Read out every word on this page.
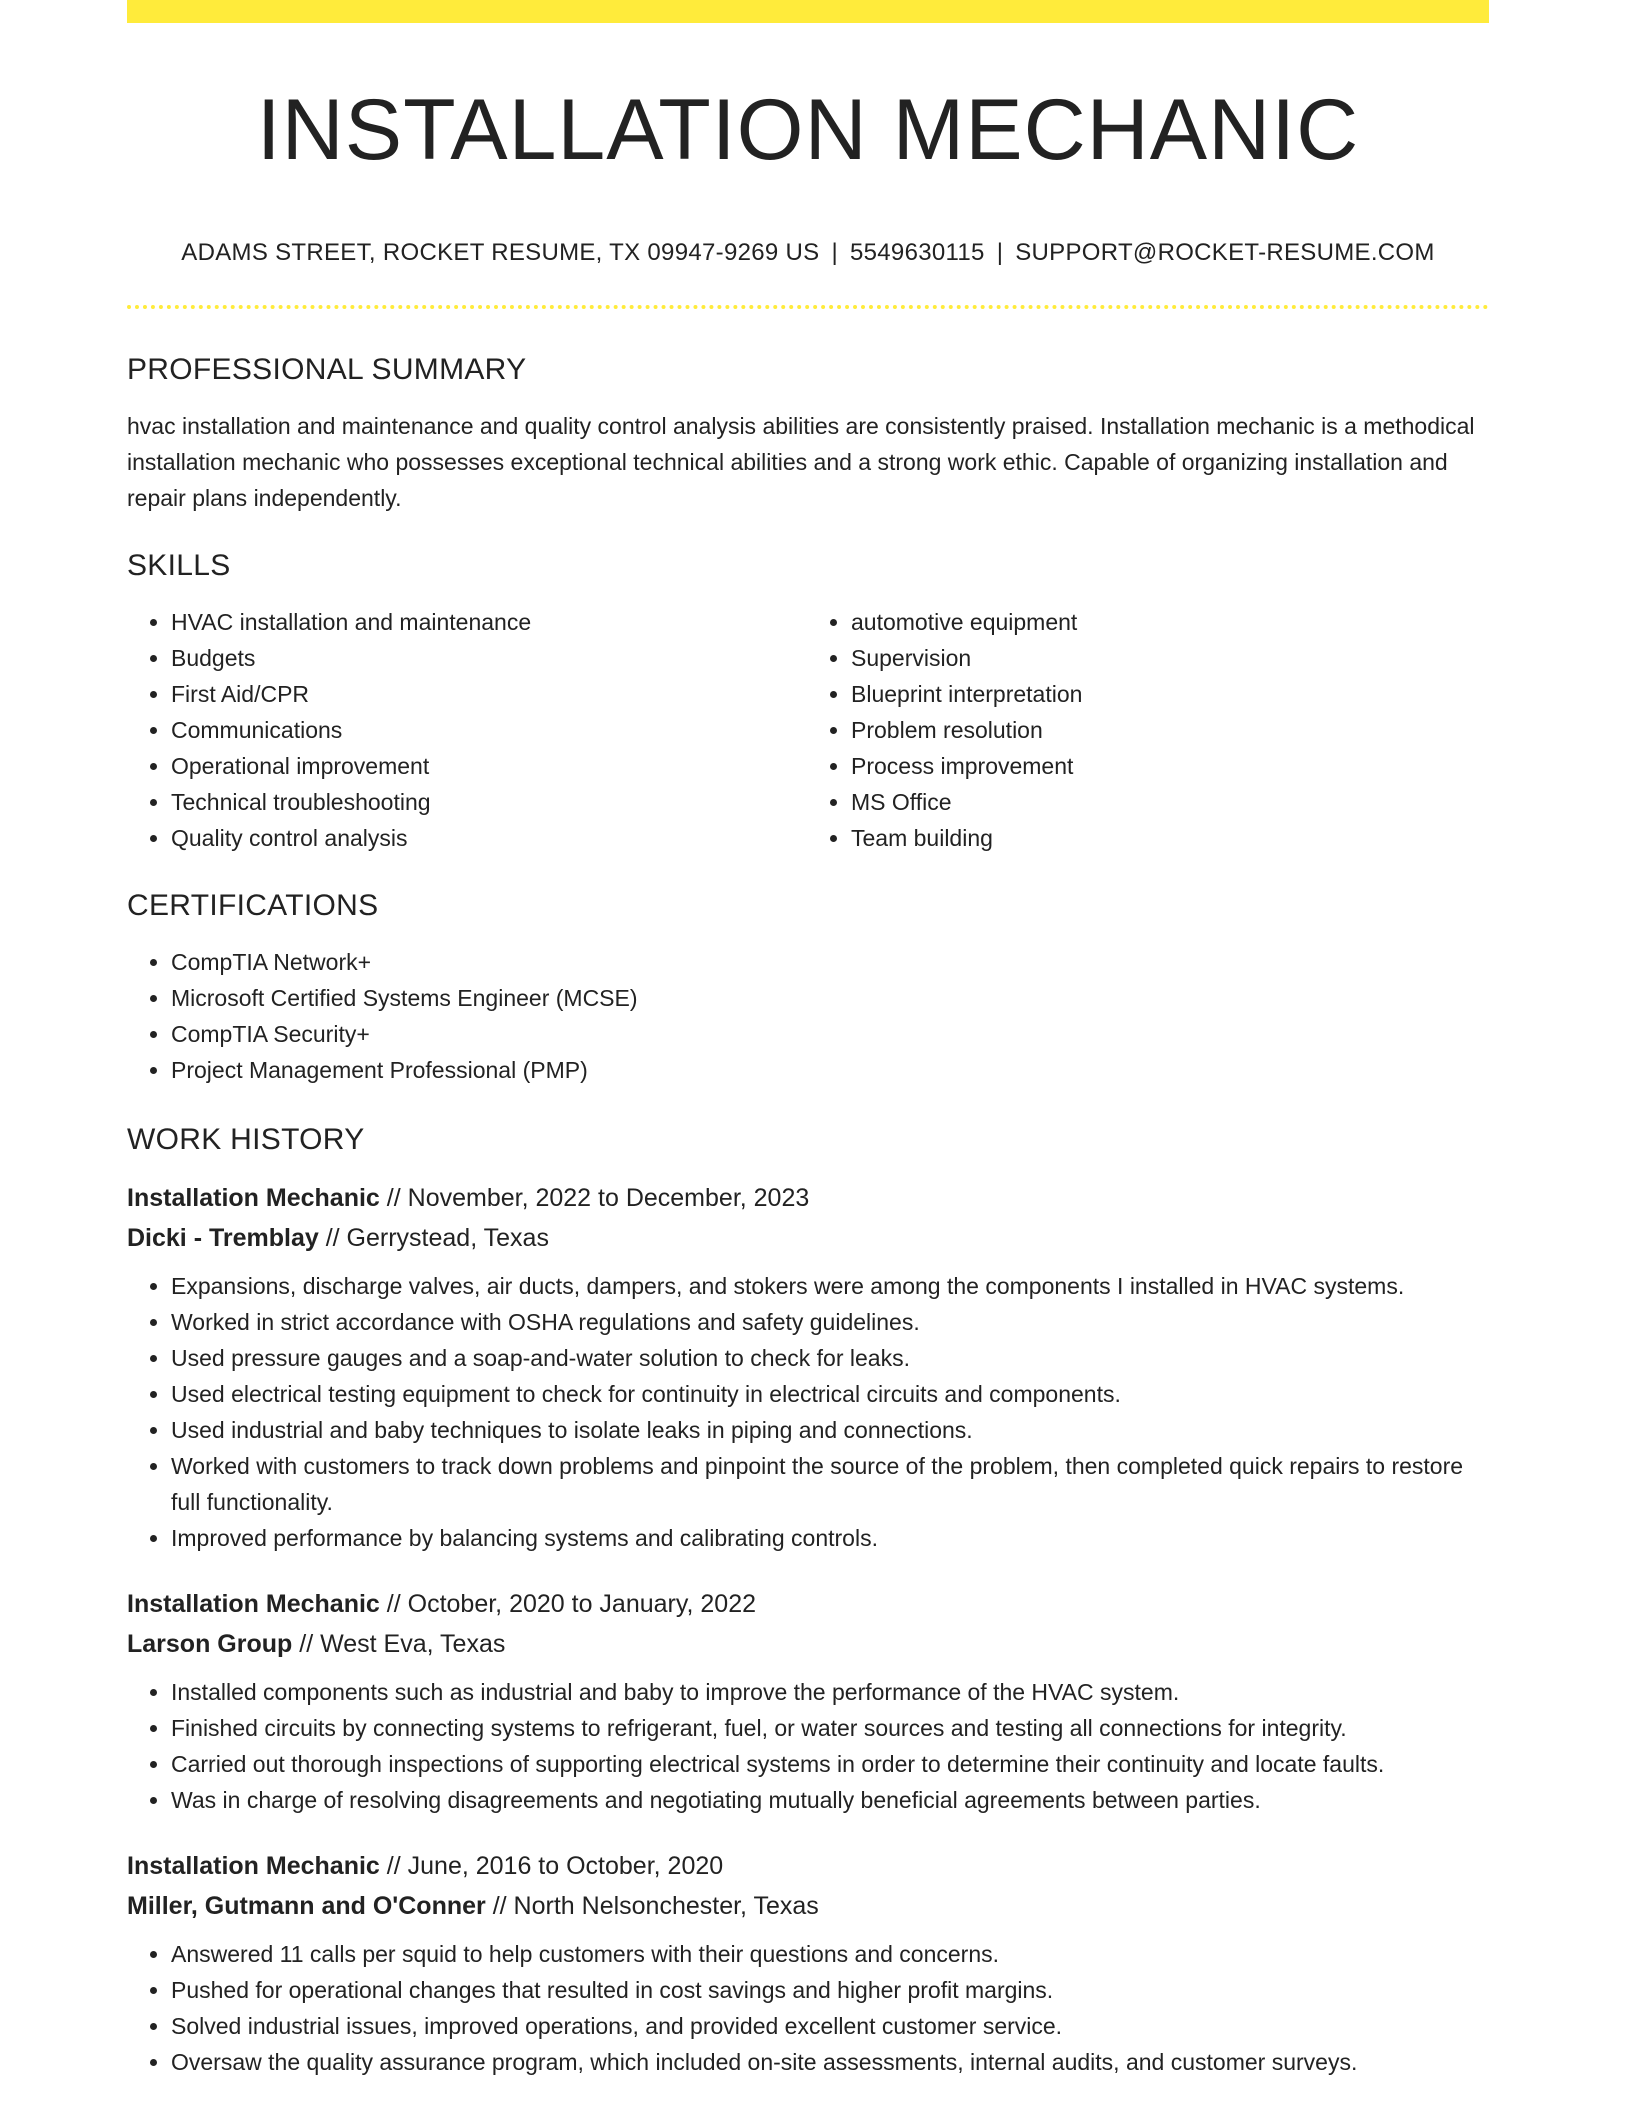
INSTALLATION MECHANIC
ADAMS STREET, ROCKET RESUME, TX 09947-9269 US | 5549630115 | SUPPORT@ROCKET-RESUME.COM
PROFESSIONAL SUMMARY

hvac installation and maintenance and quality control analysis abilities are consistently praised. Installation mechanic is a methodical installation mechanic who possesses exceptional technical abilities and a strong work ethic. Capable of organizing installation and repair plans independently.

SKILLS
• HVAC installation and maintenance
• Budgets
• First Aid/CPR
• Communications
• Operational improvement
• Technical troubleshooting
• Quality control analysis
• automotive equipment
• Supervision
• Blueprint interpretation
• Problem resolution
• Process improvement
• MS Office
• Team building
CERTIFICATIONS
• CompTIA Network+
• Microsoft Certified Systems Engineer (MCSE)
• CompTIA Security+
• Project Management Professional (PMP)
WORK HISTORY
Installation Mechanic // November, 2022 to December, 2023
Dicki - Tremblay // Gerrystead, Texas
• Expansions, discharge valves, air ducts, dampers, and stokers were among the components I installed in HVAC systems.
• Worked in strict accordance with OSHA regulations and safety guidelines.
• Used pressure gauges and a soap-and-water solution to check for leaks.
• Used electrical testing equipment to check for continuity in electrical circuits and components.
• Used industrial and baby techniques to isolate leaks in piping and connections.
• Worked with customers to track down problems and pinpoint the source of the problem, then completed quick repairs to restore full functionality.
• Improved performance by balancing systems and calibrating controls.
Installation Mechanic // October, 2020 to January, 2022
Larson Group // West Eva, Texas
• Installed components such as industrial and baby to improve the performance of the HVAC system.
• Finished circuits by connecting systems to refrigerant, fuel, or water sources and testing all connections for integrity.
• Carried out thorough inspections of supporting electrical systems in order to determine their continuity and locate faults.
• Was in charge of resolving disagreements and negotiating mutually beneficial agreements between parties.
Installation Mechanic // June, 2016 to October, 2020
Miller, Gutmann and O'Conner // North Nelsonchester, Texas
• Answered 11 calls per squid to help customers with their questions and concerns.
• Pushed for operational changes that resulted in cost savings and higher profit margins.
• Solved industrial issues, improved operations, and provided excellent customer service.
• Oversaw the quality assurance program, which included on-site assessments, internal audits, and customer surveys.
